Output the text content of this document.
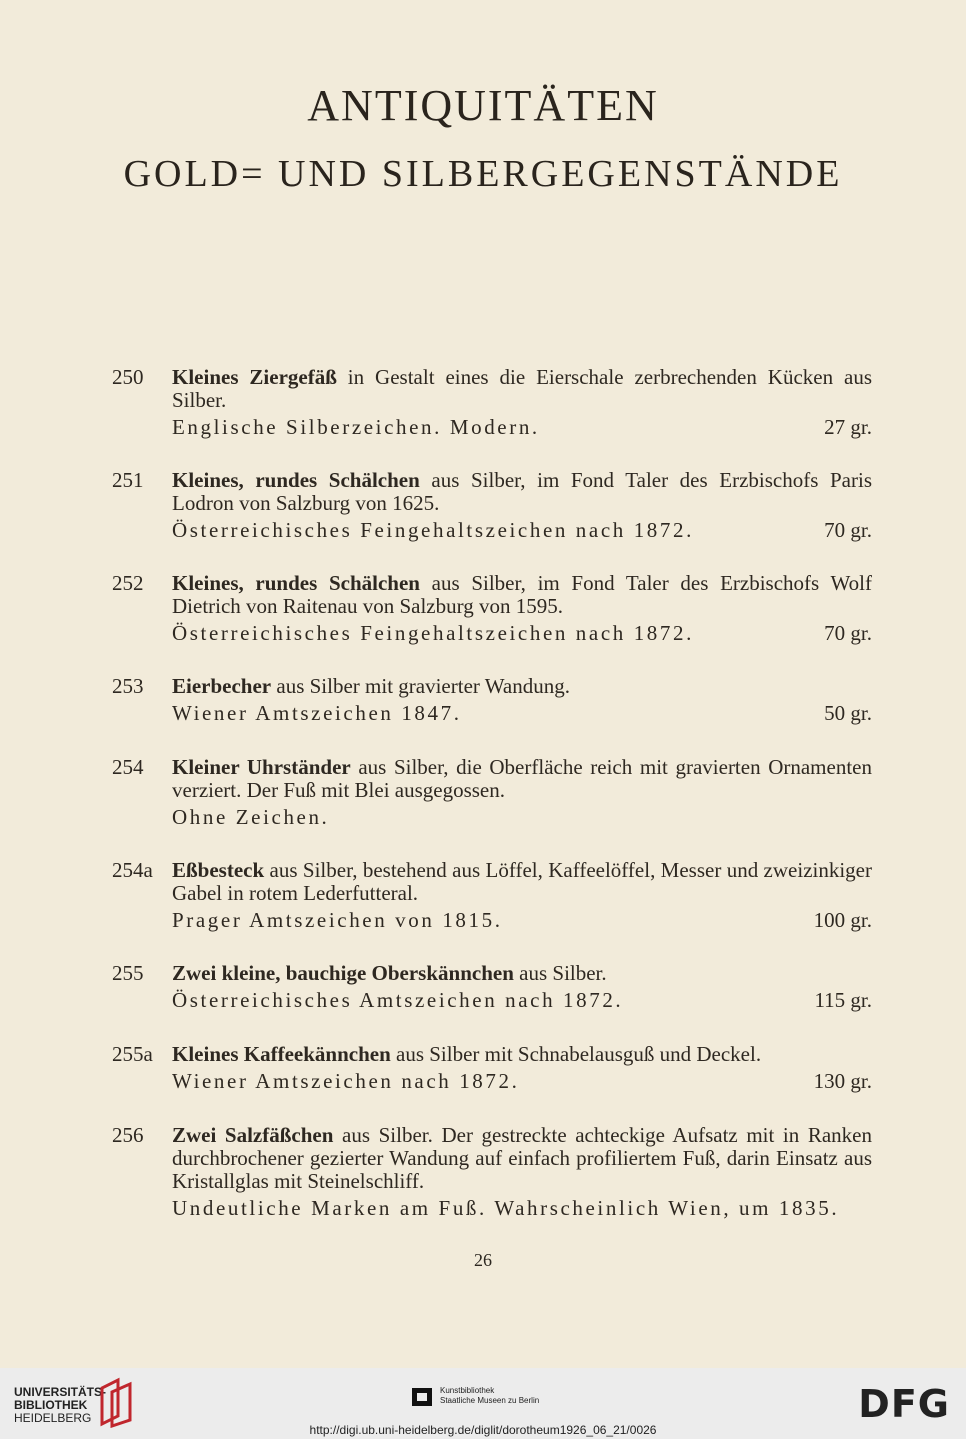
ANTIQUITÄTEN
GOLD= UND SILBERGEGENSTÄNDE
250	Kleines Ziergefäß in Gestalt eines die Eierschale zerbrechenden Kücken aus Silber.
Englische Silberzeichen. Modern.	27 gr.
251	Kleines, rundes Schälchen aus Silber, im Fond Taler des Erzbischofs Paris Lodron von Salzburg von 1625.
Österreichisches Feingehaltszeichen nach 1872.	70 gr.
252	Kleines, rundes Schälchen aus Silber, im Fond Taler des Erzbischofs Wolf Dietrich von Raitenau von Salzburg von 1595.
Österreichisches Feingehaltszeichen nach 1872.	70 gr.
253	Eierbecher aus Silber mit gravierter Wandung.
Wiener Amtszeichen 1847.	50 gr.
254	Kleiner Uhrständer aus Silber, die Oberfläche reich mit gravierten Ornamenten verziert. Der Fuß mit Blei ausgegossen.
Ohne Zeichen.
254a Eßbesteck aus Silber, bestehend aus Löffel, Kaffeelöffel, Messer und zweizinkiger Gabel in rotem Lederfutteral.
Prager Amtszeichen von 1815.	100 gr.
255	Zwei kleine, bauchige Oberskännchen aus Silber.
Österreichisches Amtszeichen nach 1872.	115 gr.
255a Kleines Kaffeekännchen aus Silber mit Schnabelausguß und Deckel.
Wiener Amtszeichen nach 1872.	130 gr.
256	Zwei Salzfäßchen aus Silber. Der gestreckte achteckige Aufsatz mit in Ranken durchbrochener gezierter Wandung auf einfach profiliertem Fuß, darin Einsatz aus Kristallglas mit Steinelschliff.
Undeutliche Marken am Fuß. Wahrscheinlich Wien, um 1835.
26
UNIVERSITÄTS-
BIBLIOTHEK
HEIDELBERG
Kunstbibliothek
Staatliche Museen zu Berlin	DFG
http://digi.ub.uni-heidelberg.de/diglit/dorotheum1926_06_21/0026
